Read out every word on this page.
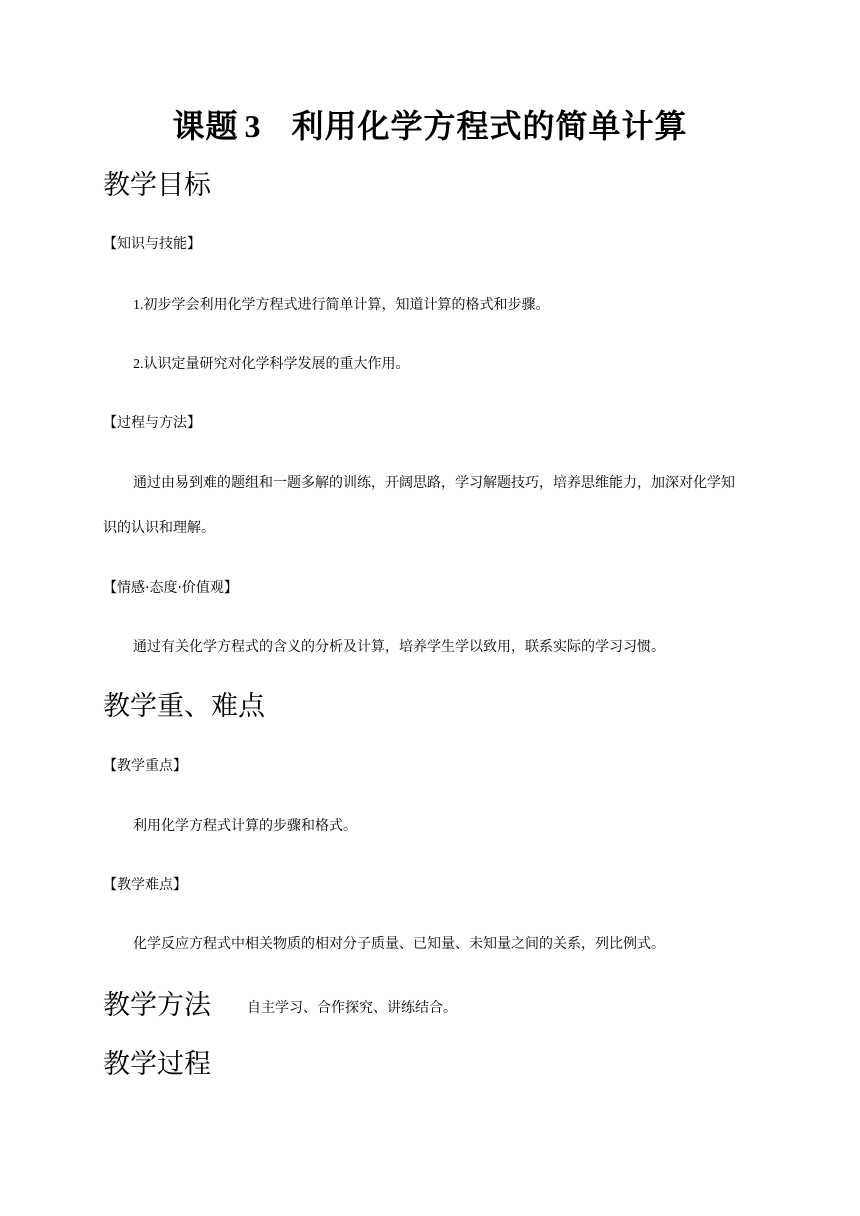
课题 3 利用化学方程式的简单计算
教学目标
【知识与技能】
1.初步学会利用化学方程式进行简单计算，知道计算的格式和步骤。
2.认识定量研究对化学科学发展的重大作用。
【过程与方法】
通过由易到难的题组和一题多解的训练，开阔思路，学习解题技巧，培养思维能力，加深对化学知
识的认识和理解。
【情感·态度·价值观】
通过有关化学方程式的含义的分析及计算，培养学生学以致用，联系实际的学习习惯。
教学重、难点
【教学重点】
利用化学方程式计算的步骤和格式。
【教学难点】
化学反应方程式中相关物质的相对分子质量、已知量、未知量之间的关系，列比例式。
教学方法	自主学习、合作探究、讲练结合。
教学过程
